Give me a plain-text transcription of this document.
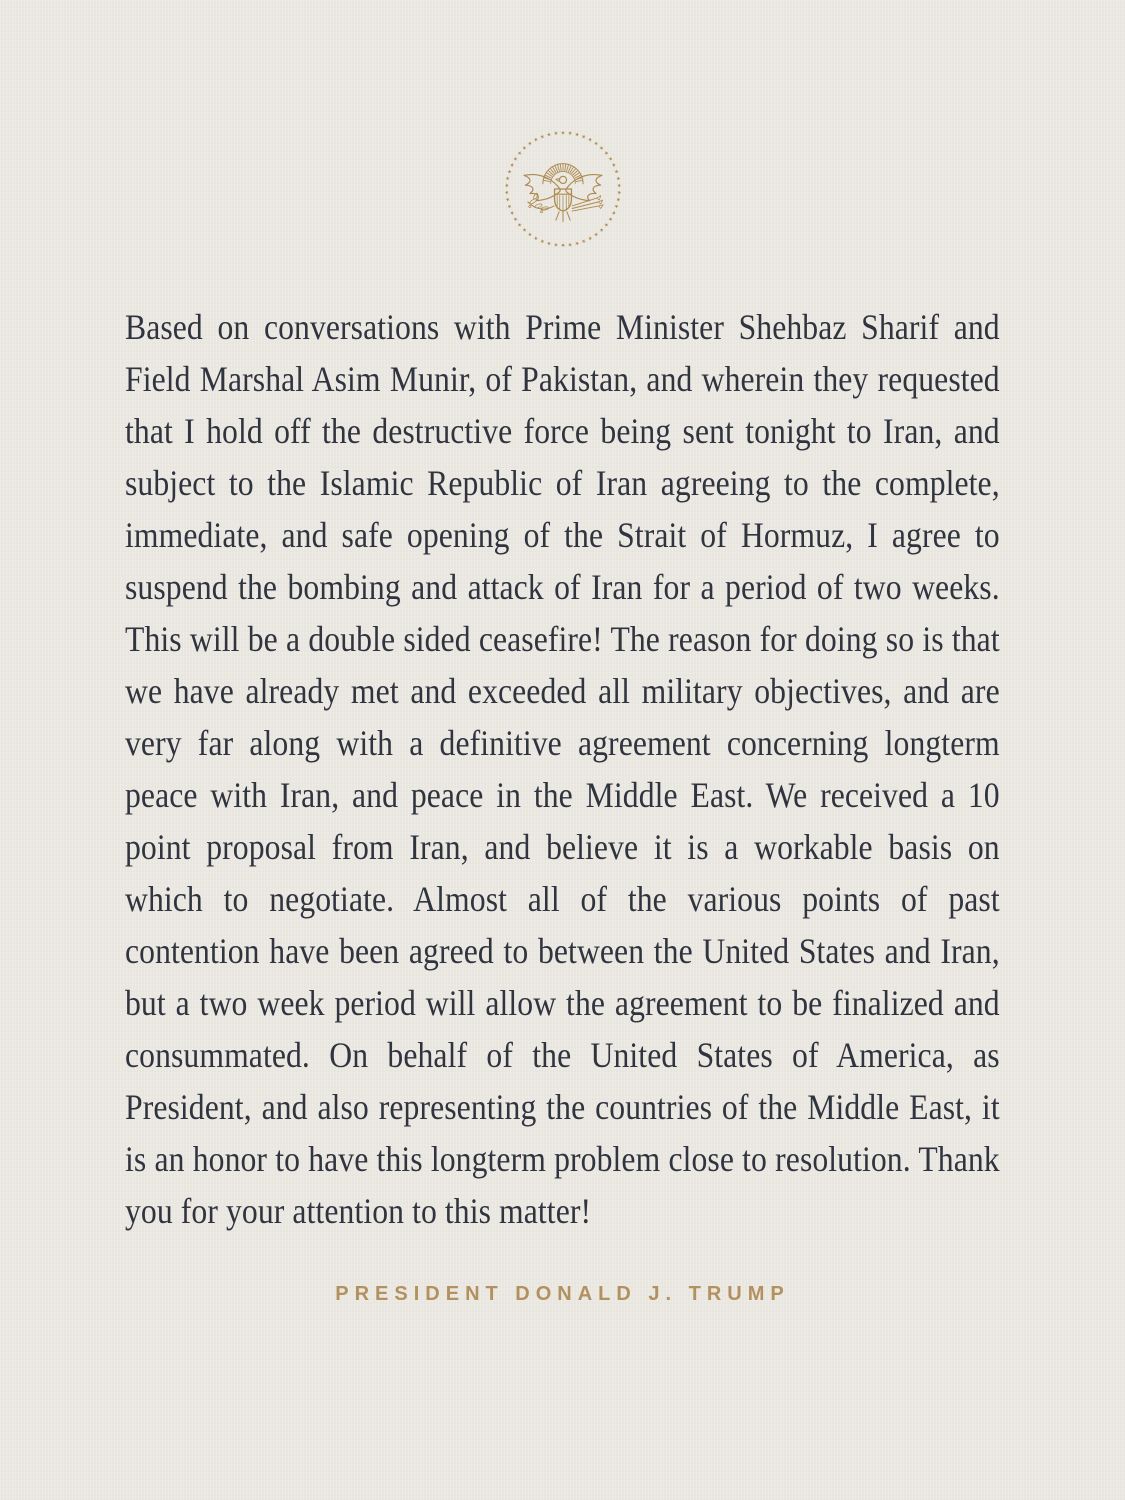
★ ★ ★ ★ ★
★
★
★
★
★
★
★
★
★
★
★
★
★
★
★
★
★
★
★
★
★
★
★
★
★
★
★
★
★
★
★
★
★
★
★
★
★
★
★
★
★
★ ★ ★ ★

Based on conversations with Prime Minister Shehbaz Sharif and Field Marshal Asim Munir, of Pakistan, and wherein they requested that I hold off the destructive force being sent tonight to Iran, and subject to the Islamic Republic of Iran agreeing to the complete, immediate, and safe opening of the Strait of Hormuz, I agree to suspend the bombing and attack of Iran for a period of two weeks. This will be a double sided ceasefire! The reason for doing so is that we have already met and exceeded all military objectives, and are very far along with a definitive agreement concerning longterm peace with Iran, and peace in the Middle East. We received a 10 point proposal from Iran, and believe it is a workable basis on which to negotiate. Almost all of the various points of past contention have been agreed to between the United States and Iran, but a two week period will allow the agreement to be finalized and consummated. On behalf of the United States of America, as President, and also representing the countries of the Middle East, it is an honor to have this longterm problem close to resolution. Thank you for your attention to this matter!

PRESIDENT DONALD J. TRUMP
